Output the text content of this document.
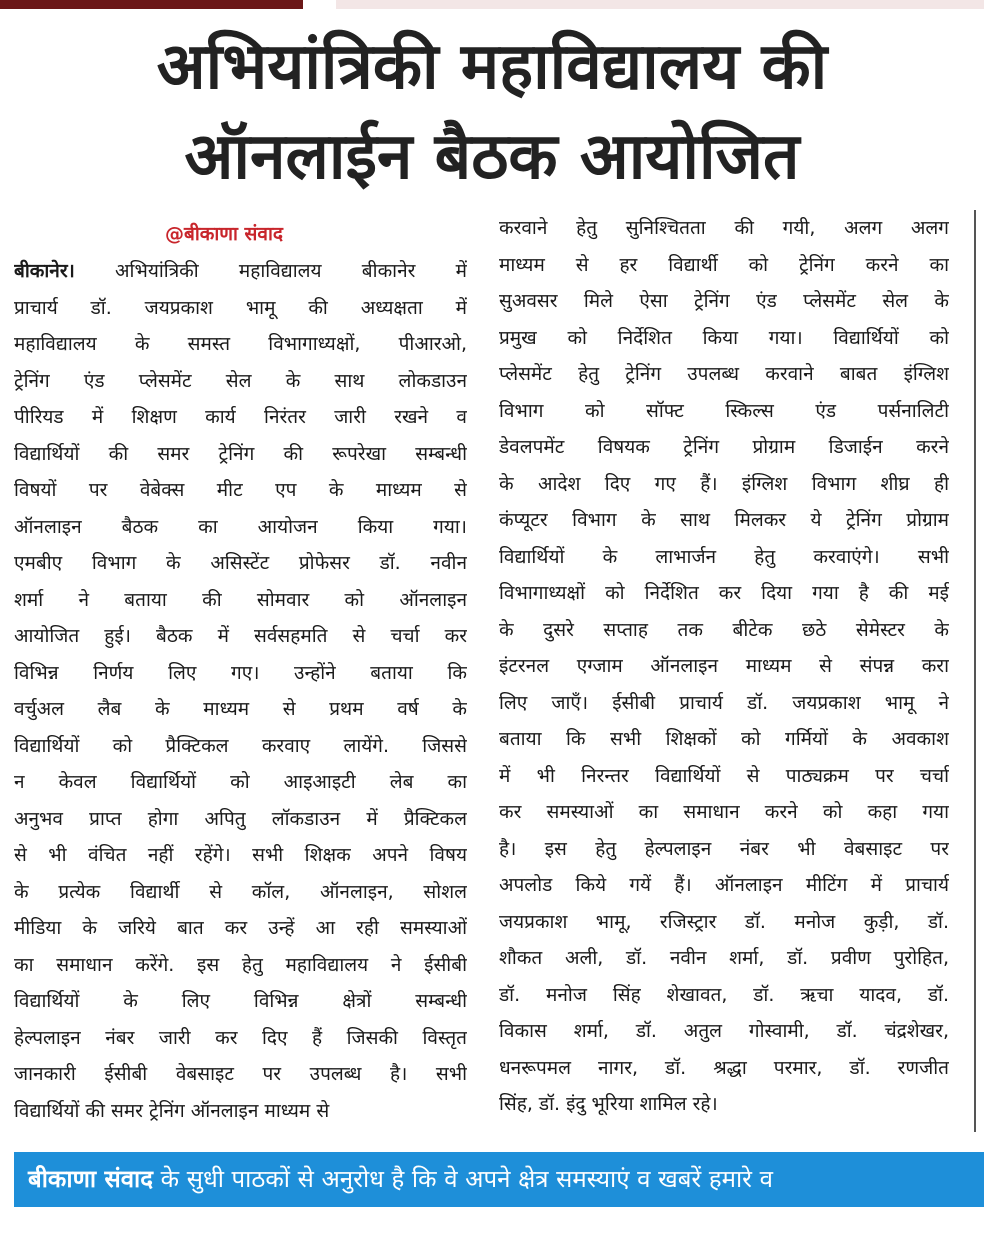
अभियांत्रिकी महाविद्यालय की
ऑनलाईन बैठक आयोजित
@बीकाणा संवाद
बीकानेर। अभियांत्रिकी महाविद्यालय बीकानेर में
प्राचार्य डॉ. जयप्रकाश भामू की अध्यक्षता में
महाविद्यालय के समस्त विभागाध्यक्षों, पीआरओ,
ट्रेनिंग एंड प्लेसमेंट सेल के साथ लोकडाउन
पीरियड में शिक्षण कार्य निरंतर जारी रखने व
विद्यार्थियों की समर ट्रेनिंग की रूपरेखा सम्बन्धी
विषयों पर वेबेक्स मीट एप के माध्यम से
ऑनलाइन बैठक का आयोजन किया गया।
एमबीए विभाग के असिस्टेंट प्रोफेसर डॉ. नवीन
शर्मा ने बताया की सोमवार को ऑनलाइन
आयोजित हुई। बैठक में सर्वसहमति से चर्चा कर
विभिन्न निर्णय लिए गए। उन्होंने बताया कि
वर्चुअल लैब के माध्यम से प्रथम वर्ष के
विद्यार्थियों को प्रैक्टिकल करवाए लायेंगे. जिससे
न केवल विद्यार्थियों को आइआइटी लेब का
अनुभव प्राप्त होगा अपितु लॉकडाउन में प्रैक्टिकल
से भी वंचित नहीं रहेंगे। सभी शिक्षक अपने विषय
के प्रत्येक विद्यार्थी से कॉल, ऑनलाइन, सोशल
मीडिया के जरिये बात कर उन्हें आ रही समस्याओं
का समाधान करेंगे. इस हेतु महाविद्यालय ने ईसीबी
विद्यार्थियों के लिए विभिन्न क्षेत्रों सम्बन्धी
हेल्पलाइन नंबर जारी कर दिए हैं जिसकी विस्तृत
जानकारी ईसीबी वेबसाइट पर उपलब्ध है। सभी
विद्यार्थियों की समर ट्रेनिंग ऑनलाइन माध्यम से
करवाने हेतु सुनिश्चितता की गयी, अलग अलग
माध्यम से हर विद्यार्थी को ट्रेनिंग करने का
सुअवसर मिले ऐसा ट्रेनिंग एंड प्लेसमेंट सेल के
प्रमुख को निर्देशित किया गया। विद्यार्थियों को
प्लेसमेंट हेतु ट्रेनिंग उपलब्ध करवाने बाबत इंग्लिश
विभाग को सॉफ्ट स्किल्स एंड पर्सनालिटी
डेवलपमेंट विषयक ट्रेनिंग प्रोग्राम डिजाईन करने
के आदेश दिए गए हैं। इंग्लिश विभाग शीघ्र ही
कंप्यूटर विभाग के साथ मिलकर ये ट्रेनिंग प्रोग्राम
विद्यार्थियों के लाभार्जन हेतु करवाएंगे। सभी
विभागाध्यक्षों को निर्देशित कर दिया गया है की मई
के दुसरे सप्ताह तक बीटेक छठे सेमेस्टर के
इंटरनल एग्जाम ऑनलाइन माध्यम से संपन्न करा
लिए जाएँ। ईसीबी प्राचार्य डॉ. जयप्रकाश भामू ने
बताया कि सभी शिक्षकों को गर्मियों के अवकाश
में भी निरन्तर विद्यार्थियों से पाठ्यक्रम पर चर्चा
कर समस्याओं का समाधान करने को कहा गया
है। इस हेतु हेल्पलाइन नंबर भी वेबसाइट पर
अपलोड किये गयें हैं। ऑनलाइन मीटिंग में प्राचार्य
जयप्रकाश भामू, रजिस्ट्रार डॉ. मनोज कुड़ी, डॉ.
शौकत अली, डॉ. नवीन शर्मा, डॉ. प्रवीण पुरोहित,
डॉ. मनोज सिंह शेखावत, डॉ. ऋचा यादव, डॉ.
विकास शर्मा, डॉ. अतुल गोस्वामी, डॉ. चंद्रशेखर,
धनरूपमल नागर, डॉ. श्रद्धा परमार, डॉ. रणजीत
सिंह, डॉ. इंदु भूरिया शामिल रहे।
बीकाणा संवाद के सुधी पाठकों से अनुरोध है कि वे अपने क्षेत्र समस्याएं व खबरें हमारे व
